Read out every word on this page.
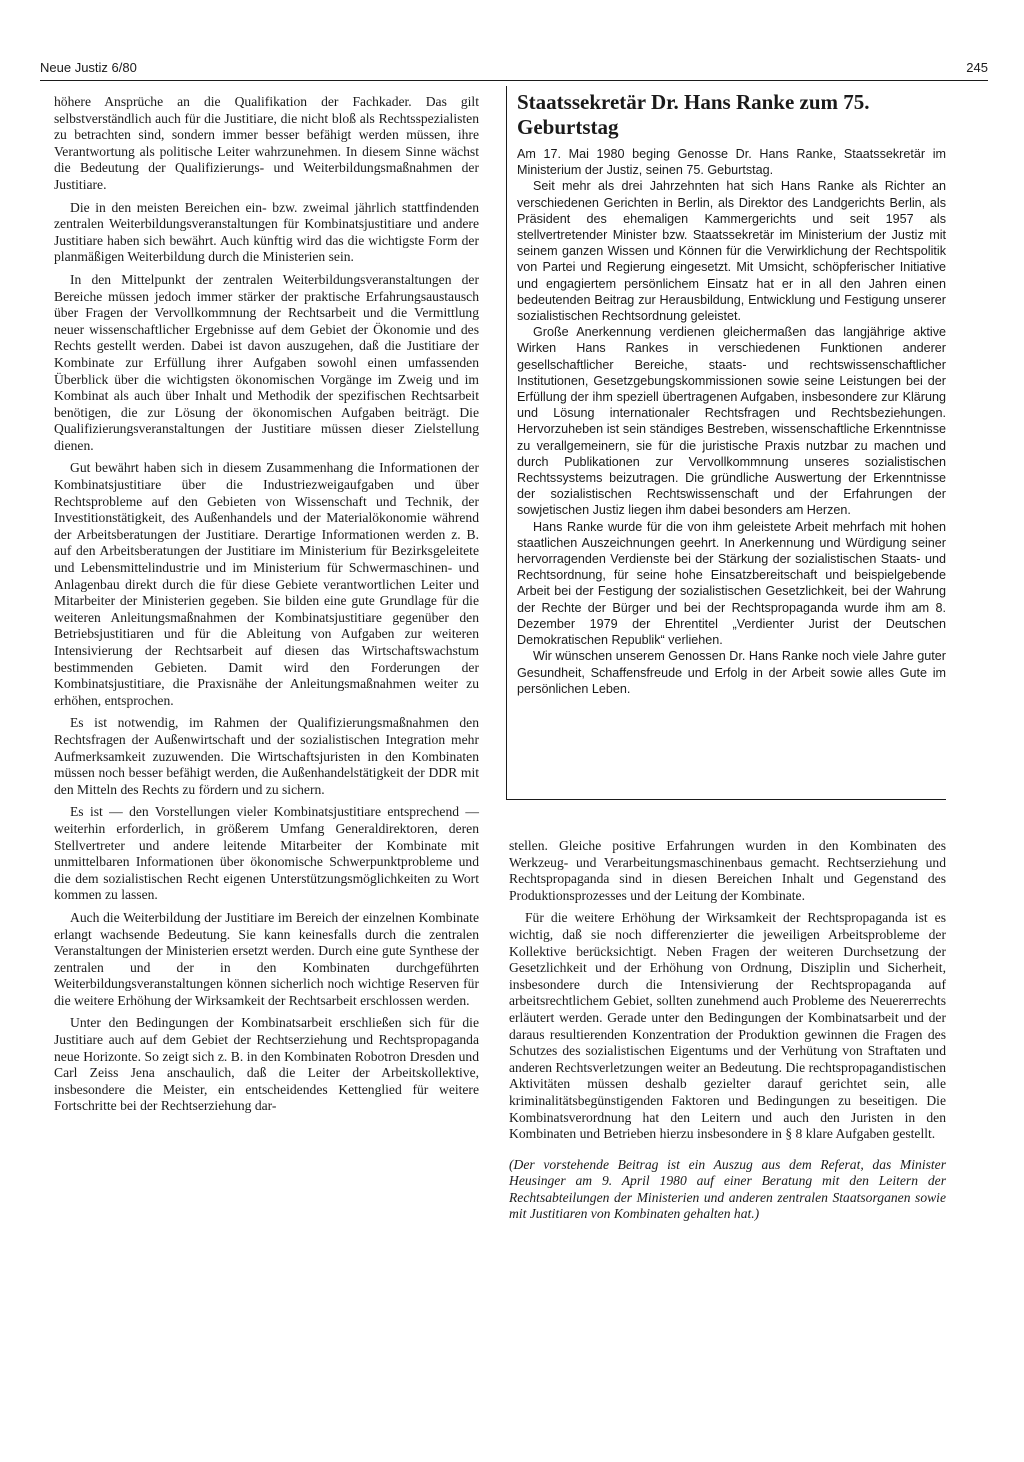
Neue Justiz 6/80	245

höhere Ansprüche an die Qualifikation der Fachkader. Das gilt selbstverständlich auch für die Justitiare, die nicht bloß als Rechtsspezialisten zu betrachten sind, sondern immer besser befähigt werden müssen, ihre Verantwortung als politische Leiter wahrzunehmen. In diesem Sinne wächst die Bedeutung der Qualifizierungs- und Weiterbildungsmaßnahmen der Justitiare.

Die in den meisten Bereichen ein- bzw. zweimal jährlich stattfindenden zentralen Weiterbildungsveranstaltungen für Kombinatsjustitiare und andere Justitiare haben sich bewährt. Auch künftig wird das die wichtigste Form der planmäßigen Weiterbildung durch die Ministerien sein.

In den Mittelpunkt der zentralen Weiterbildungsveranstaltungen der Bereiche müssen jedoch immer stärker der praktische Erfahrungsaustausch über Fragen der Vervollkommnung der Rechtsarbeit und die Vermittlung neuer wissenschaftlicher Ergebnisse auf dem Gebiet der Ökonomie und des Rechts gestellt werden. Dabei ist davon auszugehen, daß die Justitiare der Kombinate zur Erfüllung ihrer Aufgaben sowohl einen umfassenden Überblick über die wichtigsten ökonomischen Vorgänge im Zweig und im Kombinat als auch über Inhalt und Methodik der spezifischen Rechtsarbeit benötigen, die zur Lösung der ökonomischen Aufgaben beiträgt. Die Qualifizierungsveranstaltungen der Justitiare müssen dieser Zielstellung dienen.

Gut bewährt haben sich in diesem Zusammenhang die Informationen der Kombinatsjustitiare über die Industriezweigaufgaben und über Rechtsprobleme auf den Gebieten von Wissenschaft und Technik, der Investitionstätigkeit, des Außenhandels und der Materialökonomie während der Arbeitsberatungen der Justitiare. Derartige Informationen werden z. B. auf den Arbeitsberatungen der Justitiare im Ministerium für Bezirksgeleitete und Lebensmittelindustrie und im Ministerium für Schwermaschinen- und Anlagenbau direkt durch die für diese Gebiete verantwortlichen Leiter und Mitarbeiter der Ministerien gegeben. Sie bilden eine gute Grundlage für die weiteren Anleitungsmaßnahmen der Kombinatsjustitiare gegenüber den Betriebsjustitiaren und für die Ableitung von Aufgaben zur weiteren Intensivierung der Rechtsarbeit auf diesen das Wirtschaftswachstum bestimmenden Gebieten. Damit wird den Forderungen der Kombinatsjustitiare, die Praxisnähe der Anleitungsmaßnahmen weiter zu erhöhen, entsprochen.

Es ist notwendig, im Rahmen der Qualifizierungsmaßnahmen den Rechtsfragen der Außenwirtschaft und der sozialistischen Integration mehr Aufmerksamkeit zuzuwenden. Die Wirtschaftsjuristen in den Kombinaten müssen noch besser befähigt werden, die Außenhandelstätigkeit der DDR mit den Mitteln des Rechts zu fördern und zu sichern.

Es ist — den Vorstellungen vieler Kombinatsjustitiare entsprechend — weiterhin erforderlich, in größerem Umfang Generaldirektoren, deren Stellvertreter und andere leitende Mitarbeiter der Kombinate mit unmittelbaren Informationen über ökonomische Schwerpunktprobleme und die dem sozialistischen Recht eigenen Unterstützungsmöglichkeiten zu Wort kommen zu lassen.

Auch die Weiterbildung der Justitiare im Bereich der einzelnen Kombinate erlangt wachsende Bedeutung. Sie kann keinesfalls durch die zentralen Veranstaltungen der Ministerien ersetzt werden. Durch eine gute Synthese der zentralen und der in den Kombinaten durchgeführten Weiterbildungsveranstaltungen können sicherlich noch wichtige Reserven für die weitere Erhöhung der Wirksamkeit der Rechtsarbeit erschlossen werden.

Unter den Bedingungen der Kombinatsarbeit erschließen sich für die Justitiare auch auf dem Gebiet der Rechtserziehung und Rechtspropaganda neue Horizonte. So zeigt sich z. B. in den Kombinaten Robotron Dresden und Carl Zeiss Jena anschaulich, daß die Leiter der Arbeitskollektive, insbesondere die Meister, ein entscheidendes Kettenglied für weitere Fortschritte bei der Rechtserziehung dar-

Staatssekretär Dr. Hans Ranke zum 75. Geburtstag

Am 17. Mai 1980 beging Genosse Dr. Hans Ranke, Staatssekretär im Ministerium der Justiz, seinen 75. Geburtstag.

Seit mehr als drei Jahrzehnten hat sich Hans Ranke als Richter an verschiedenen Gerichten in Berlin, als Direktor des Landgerichts Berlin, als Präsident des ehemaligen Kammergerichts und seit 1957 als stellvertretender Minister bzw. Staatssekretär im Ministerium der Justiz mit seinem ganzen Wissen und Können für die Verwirklichung der Rechtspolitik von Partei und Regierung eingesetzt. Mit Umsicht, schöpferischer Initiative und engagiertem persönlichem Einsatz hat er in all den Jahren einen bedeutenden Beitrag zur Herausbildung, Entwicklung und Festigung unserer sozialistischen Rechtsordnung geleistet.

Große Anerkennung verdienen gleichermaßen das langjährige aktive Wirken Hans Rankes in verschiedenen Funktionen anderer gesellschaftlicher Bereiche, staats- und rechtswissenschaftlicher Institutionen, Gesetzgebungskommissionen sowie seine Leistungen bei der Erfüllung der ihm speziell übertragenen Aufgaben, insbesondere zur Klärung und Lösung internationaler Rechtsfragen und Rechtsbeziehungen. Hervorzuheben ist sein ständiges Bestreben, wissenschaftliche Erkenntnisse zu verallgemeinern, sie für die juristische Praxis nutzbar zu machen und durch Publikationen zur Vervollkommnung unseres sozialistischen Rechtssystems beizutragen. Die gründliche Auswertung der Erkenntnisse der sozialistischen Rechtswissenschaft und der Erfahrungen der sowjetischen Justiz liegen ihm dabei besonders am Herzen.

Hans Ranke wurde für die von ihm geleistete Arbeit mehrfach mit hohen staatlichen Auszeichnungen geehrt. In Anerkennung und Würdigung seiner hervorragenden Verdienste bei der Stärkung der sozialistischen Staats- und Rechtsordnung, für seine hohe Einsatzbereitschaft und beispielgebende Arbeit bei der Festigung der sozialistischen Gesetzlichkeit, bei der Wahrung der Rechte der Bürger und bei der Rechtspropaganda wurde ihm am 8. Dezember 1979 der Ehrentitel „Verdienter Jurist der Deutschen Demokratischen Republik“ verliehen.

Wir wünschen unserem Genossen Dr. Hans Ranke noch viele Jahre guter Gesundheit, Schaffensfreude und Erfolg in der Arbeit sowie alles Gute im persönlichen Leben.

stellen. Gleiche positive Erfahrungen wurden in den Kombinaten des Werkzeug- und Verarbeitungsmaschinenbaus gemacht. Rechtserziehung und Rechtspropaganda sind in diesen Bereichen Inhalt und Gegenstand des Produktionsprozesses und der Leitung der Kombinate.

Für die weitere Erhöhung der Wirksamkeit der Rechtspropaganda ist es wichtig, daß sie noch differenzierter die jeweiligen Arbeitsprobleme der Kollektive berücksichtigt. Neben Fragen der weiteren Durchsetzung der Gesetzlichkeit und der Erhöhung von Ordnung, Disziplin und Sicherheit, insbesondere durch die Intensivierung der Rechtspropaganda auf arbeitsrechtlichem Gebiet, sollten zunehmend auch Probleme des Neuererrechts erläutert werden. Gerade unter den Bedingungen der Kombinatsarbeit und der daraus resultierenden Konzentration der Produktion gewinnen die Fragen des Schutzes des sozialistischen Eigentums und der Verhütung von Straftaten und anderen Rechtsverletzungen weiter an Bedeutung. Die rechtspropagandistischen Aktivitäten müssen deshalb gezielter darauf gerichtet sein, alle kriminalitätsbegünstigenden Faktoren und Bedingungen zu beseitigen. Die Kombinatsverordnung hat den Leitern und auch den Juristen in den Kombinaten und Betrieben hierzu insbesondere in § 8 klare Aufgaben gestellt.

(Der vorstehende Beitrag ist ein Auszug aus dem Referat, das Minister Heusinger am 9. April 1980 auf einer Beratung mit den Leitern der Rechtsabteilungen der Ministerien und anderen zentralen Staatsorganen sowie mit Justitiaren von Kombinaten gehalten hat.)
